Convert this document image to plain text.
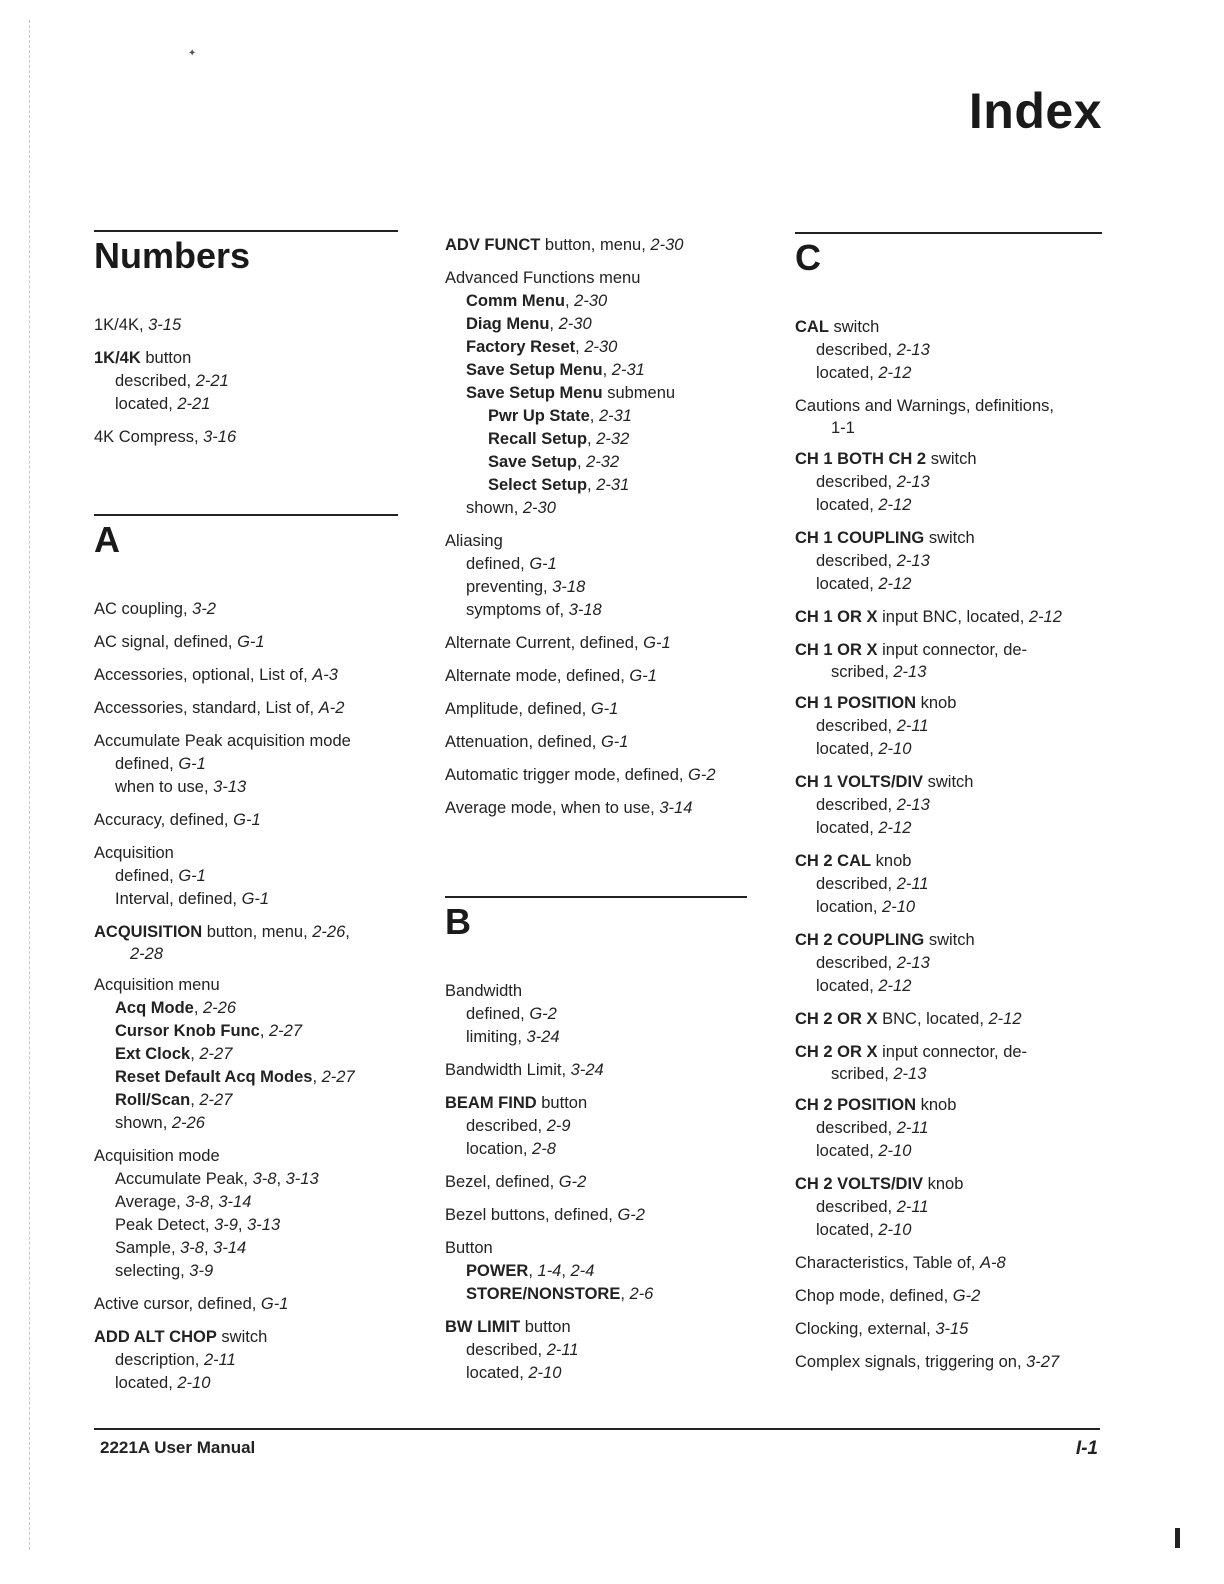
✦
Index
Numbers
1K/4K, 3-15
1K/4K button
described, 2-21
located, 2-21
4K Compress, 3-16
A
AC coupling, 3-2
AC signal, defined, G-1
Accessories, optional, List of, A-3
Accessories, standard, List of, A-2
Accumulate Peak acquisition mode
defined, G-1
when to use, 3-13
Accuracy, defined, G-1
Acquisition
defined, G-1
Interval, defined, G-1
ACQUISITION button, menu, 2-26,
2-28
Acquisition menu
Acq Mode, 2-26
Cursor Knob Func, 2-27
Ext Clock, 2-27
Reset Default Acq Modes, 2-27
Roll/Scan, 2-27
shown, 2-26
Acquisition mode
Accumulate Peak, 3-8, 3-13
Average, 3-8, 3-14
Peak Detect, 3-9, 3-13
Sample, 3-8, 3-14
selecting, 3-9
Active cursor, defined, G-1
ADD ALT CHOP switch
description, 2-11
located, 2-10
ADV FUNCT button, menu, 2-30
Advanced Functions menu
Comm Menu, 2-30
Diag Menu, 2-30
Factory Reset, 2-30
Save Setup Menu, 2-31
Save Setup Menu submenu
Pwr Up State, 2-31
Recall Setup, 2-32
Save Setup, 2-32
Select Setup, 2-31
shown, 2-30
Aliasing
defined, G-1
preventing, 3-18
symptoms of, 3-18
Alternate Current, defined, G-1
Alternate mode, defined, G-1
Amplitude, defined, G-1
Attenuation, defined, G-1
Automatic trigger mode, defined, G-2
Average mode, when to use, 3-14
B
Bandwidth
defined, G-2
limiting, 3-24
Bandwidth Limit, 3-24
BEAM FIND button
described, 2-9
location, 2-8
Bezel, defined, G-2
Bezel buttons, defined, G-2
Button
POWER, 1-4, 2-4
STORE/NONSTORE, 2-6
BW LIMIT button
described, 2-11
located, 2-10
C
CAL switch
described, 2-13
located, 2-12
Cautions and Warnings, definitions,
1-1
CH 1 BOTH CH 2 switch
described, 2-13
located, 2-12
CH 1 COUPLING switch
described, 2-13
located, 2-12
CH 1 OR X input BNC, located, 2-12
CH 1 OR X input connector, de-
scribed, 2-13
CH 1 POSITION knob
described, 2-11
located, 2-10
CH 1 VOLTS/DIV switch
described, 2-13
located, 2-12
CH 2 CAL knob
described, 2-11
location, 2-10
CH 2 COUPLING switch
described, 2-13
located, 2-12
CH 2 OR X BNC, located, 2-12
CH 2 OR X input connector, de-
scribed, 2-13
CH 2 POSITION knob
described, 2-11
located, 2-10
CH 2 VOLTS/DIV knob
described, 2-11
located, 2-10
Characteristics, Table of, A-8
Chop mode, defined, G-2
Clocking, external, 3-15
Complex signals, triggering on, 3-27
2221A User Manual	I-1
